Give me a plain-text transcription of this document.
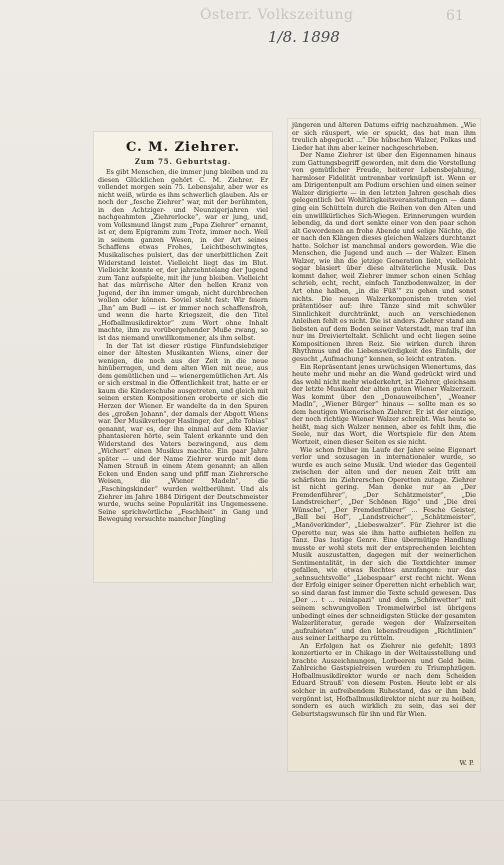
Österr. Volkszeitung
1/8. 1898
61
C. M. Ziehrer.
Zum 75. Geburtstag.

Es gibt Menschen, die immer jung bleiben und zu diesen Glücklichen gehört C. M. Ziehrer. Er vollendet morgen sein 75. Lebensjahr, aber wer es nicht weiß, würde es ihm schwerlich glauben. Als er noch der „fesche Ziehrer“ war, mit der berühmten, in den Achtziger- und Neunzigerjahren viel nachgeahmten „Ziehrerlocke“, war er jung, und, vom Volksmund längst zum „Papa Ziehrer“ ernannt, ist er, dem Epigramm zum Trotz, immer noch. Weil in seinem ganzen Wesen, in der Art seines Schaffens etwas Frohes, Leichtbeschwingtes, Musikalisches pulsiert, das der unerbittlichen Zeit Widerstand leistet. Vielleicht liegt das im Blut. Vielleicht konnte er, der jahrzehntelang der Jugend zum Tanz aufspielte, mit ihr jung bleiben. Vielleicht hat das mürrische Alter den hellen Kranz von Jugend, der ihn immer umgab, nicht durchbrechen wollen oder können. Soviel steht fest: Wir feiern „Ihn“ am Budl — ist er immer noch schaffensfroh, und wenn die harte Kriegszeit, die den Titel „Hofballmusikdirektor“ zum Wort ohne Inhalt machte, ihm zu vorübergehender Muße zwang, so ist das niemand unwillkommener, als ihm selbst.

In der Tat ist dieser rüstige Fünfundsiebziger einer der ältesten Musikanten Wiens, einer der wenigen, die noch aus der Zeit in die neue hinüberragen, und dem alten Wien mit neue, aus dem gemütlichen und — wienergemütlichen Art. Als er sich erstmal in die Öffentlichkeit trat, hatte er er kaum die Kinderschuhe ausgetreten, und gleich mit seinen ersten Kompositionen eroberte er sich die Herzen der Wiener. Er wandelte da in den Spuren des „großen Johann“, der damals der Abgott Wiens war. Der Musikverleger Haslinger, der „alte Tobias“ genannt, war es, der ihn einmal auf dem Klavier phantasieren hörte, sein Talent erkannte und den Widerstand des Vaters bezwingend, aus dem „Wichert“ einen Musikus machte. Ein paar Jahre später — und der Name Ziehrer wurde mit dem Namen Strauß in einem Atem genannt; an allen Ecken und Enden sang und pfiff man Ziehrersche Weisen, die „Wiener Madeln“, die „Faschingskinder“ wurden weltberühmt. Und als Ziehrer im Jahre 1884 Dirigent der Deutschmeister wurde, wuchs seine Popularität ins Ungemessene. Seine sprichwörtliche „Feschheit“ in Gang und Bewegung versuchte mancher Jüngling

jüngeren und älteren Datums eifrig nachzuahmen. „Wie er sich räuspert, wie er spuckt, das hat man ihm treulich abgeguckt ...“ Die hübschen Walzer, Polkas und Lieder hat ihm aber keiner nachgeschrieben.

Der Name Ziehrer ist über den Eigennamen hinaus zum Gattungsbegriff geworden, mit dem die Vorstellung von gemütlicher Freude, heiterer Lebensbejahung, harmloser Fidelität untrennbar verknüpft ist. Wenn er am Dirigentenpult am Podium erschien und einen seiner Walzer dirigierte — in den letzten Jahren geschah dies gelegentlich bei Wohltätigkeitsveranstaltungen — dann ging ein Schütteln durch die Reihen von den Alten und ein unwillkürliches Sich-Wiegen. Erinnerungen wurden lebendig, da und dort senkte einer von den paar schon alt Gewordenen an frohe Abende und selige Nächte, die er nach den Klängen dieses gleichen Walzers durchtanzt hatte. Solcher ist manchmal anders geworden. Wie die Menschen, die Jugend und auch — der Walzer. Einen Walzer, wie ihn die jetzige Generation liebt, vielleicht sogar blasiert über diese altväterliche Musik. Das kommt daher, weil Ziehrer immer schon einen Schlag schrieb, echt, recht, einfach Tanzbodenwalzer, in der Art ohne halben, „in die Füß’“ zu gehen und sonst nichts. Die neuen Walzerkomponisten treten viel prätentiöser auf: ihre Tänze sind mit schwüler Sinnlichkeit durchtränkt, auch an verschiedenen Anleihen fehlt es nicht. Die ist anders. Ziehrer stand am liebsten auf dem Boden seiner Vaterstadt, man traf ihn nur im Dreivierteltakt. Schlicht und echt liegen seine Kompositionen ihren Reiz. Sie wirken durch ihren Rhythmus und die Liebenswürdigkeit des Einfalls, der gesucht „Aufmachung“ kennen, so leicht entraten.

Ein Repräsentant jenes urwüchsigen Wienertums, das heute mehr und mehr an die Wand gedrückt wird und das wohl nicht mehr wiederkehrt, ist Ziehrer, gleichsam der letzte Musikant der alten guten Wiener Walzerzeit. Was kommt über den „Donauweibchen“, „Weaner Madln“, „Wiener Bürger“ hinaus — sollte man es so dem heutigen Wienerischen Ziehrer. Er ist der einzige, der noch richtige Wiener Walzer schreibt. Was heute so heißt, mag sich Walzer nennen, aber es fehlt ihm, die Seele, nur das Wort, die Wortspiele für den Atem Wortzeit, einen dieser Seiten es sie nicht.

Wie schon früher im Laufe der Jahre seine Eigenart verlor und sozusagen in internationaler wurde, so wurde es auch seine Musik. Und wieder das Gegenteil zwischen der alten und der neuen Zeit tritt am schärfsten im Ziehrerschen Operetten zutage. Ziehrer ist nicht gering. Man denke nur an „Der Fremdenführer“, „Der Schätzmeister“, „Die Landstreicher“, „Der Schönen Rigo“ und „Die drei Wünsche“, „Der Fremdenführer“ ... Fesche Geister, „Ball bei Hof“, „Landstreicher“, „Schätzmeister“, „Manöverkinder“, „Liebeswalzer“. Für Ziehrer ist die Operette nur, was sie ihm hatte aufbieten helfen zu Tanz. Das lustige Genre. Eine übermütige Handlung musste er wohl stets mit der entsprechenden leichten Musik auszustatten, dagegen mit der weinerlichen Sentimentalität, in der sich die Textdichter immer gefallen, wie etwas Rechtes anzufangen: nur das „sehnsuchtsvolle“ „Liebespaar“ erst recht nicht. Wenn der Erfolg einiger seiner Operetten nicht erheblich war, so sind daran fast immer die Texte schuld gewesen. Das „Der ... t ... reinlapazi“ und dem „Schönwetter“ mit seinem schwungvollen Trommelwirbel ist übrigens unbedingt eines der schneidigsten Stücke der gesamten Walzerliteratur, gerade wegen der Walzerseiten „aufzubieten“ und den lebensfreudigen „Richtlinien“ aus seiner Leitharpe zu rütteln.

An Erfolgen hat es Ziehrer nie gefehlt; 1893 konzertierte er in Chikago in der Weltausstellung und brachte Auszeichnungen, Lorbeeren und Geld heim. Zahlreiche Gastspielreisen wurden zu Triumphzügen. Hofballmusikdirektor wurde er nach dem Scheiden Eduard Strauß’ von diesem Posten. Heute lebt er als solcher in aufreibendem Ruhestand, das er ihm bald vergönnt ist, Hofballmusikdirektor nicht nur zu heißen, sondern es auch wirklich zu sein, das sei der Geburtstagswunsch für ihn und für Wien.

W. P.
